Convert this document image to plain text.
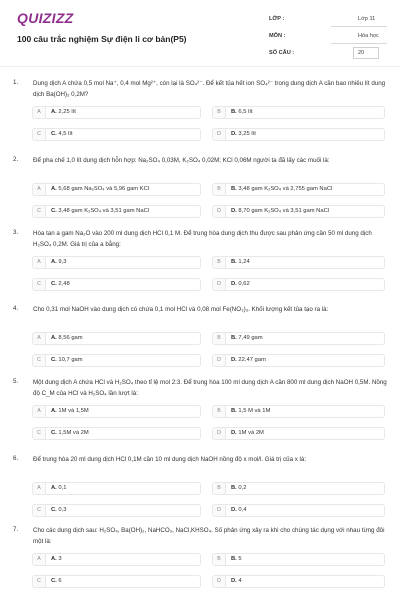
QUIZIZZ
100 câu trắc nghiệm Sự điện li cơ bản(P5)
LỚP :	Lớp 11
MÔN :	Hóa học
SỐ CÂU :	20
1. Dung dịch A chứa 0,5 mol Na⁺, 0,4 mol Mg²⁺, còn lại là SO₄²⁻. Để kết tủa hết ion SO₄²⁻ trong dung dịch A cần bao nhiêu lít dung dịch Ba(OH)₂ 0,2M?
A	A. 2,25 lít	B	B. 6,5 lít
C	C. 4,5 lít	D	D. 3,25 lít
2. Để pha chế 1,0 lít dung dịch hỗn hợp: Na₂SO₄ 0,03M, K₂SO₄ 0,02M; KCl 0,06M người ta đã lấy các muối là:
A	A. 5,68 gam Na₂SO₄ và 5,96 gam KCl	B	B. 3,48 gam K₂SO₄ và 2,755 gam NaCl
C	C. 3,48 gam K₂SO₄ và 3,51 gam NaCl	D	D. 8,70 gam K₂SO₄ và 3,51 gam NaCl
3. Hòa tan a gam Na₂O vào 200 ml dung dịch HCl 0,1 M. Để trung hòa dung dịch thu được sau phản ứng cần 50 ml dung dịch H₂SO₄ 0,2M. Giá trị của a bằng:
A	A. 9,3	B	B. 1,24
C	C. 2,48	D	D. 0,62
4. Cho 0,31 mol NaOH vào dung dịch có chứa 0,1 mol HCl và 0,08 mol Fe(NO₃)₃. Khối lượng kết tủa tạo ra là:
A	A. 8,56 gam	B	B. 7,49 gam
C	C. 10,7 gam	D	D. 22,47 gam
5. Một dung dịch A chứa HCl và H₂SO₄ theo tỉ lệ mol 2:3. Để trung hòa 100 ml dung dịch A cần 800 ml dung dịch NaOH 0,5M. Nồng độ C_M của HCl và H₂SO₄ lần lượt là:
A	A. 1M và 1,5M	B	B. 1,5 M và 1M
C	C. 1,5M và 2M	D	D. 1M và 2M
6. Để trung hòa 20 ml dung dịch HCl 0,1M cần 10 ml dung dịch NaOH nồng độ x mol/l. Giá trị của x là:
A	A. 0,1	B	B. 0,2
C	C. 0,3	D	D. 0,4
7. Cho các dung dịch sau: H₂SO₄, Ba(OH)₂, NaHCO₃, NaCl,KHSO₄. Số phản ứng xảy ra khi cho chúng tác dụng với nhau từng đôi một là:
A	A. 3	B	B. 5
C	C. 6	D	D. 4
